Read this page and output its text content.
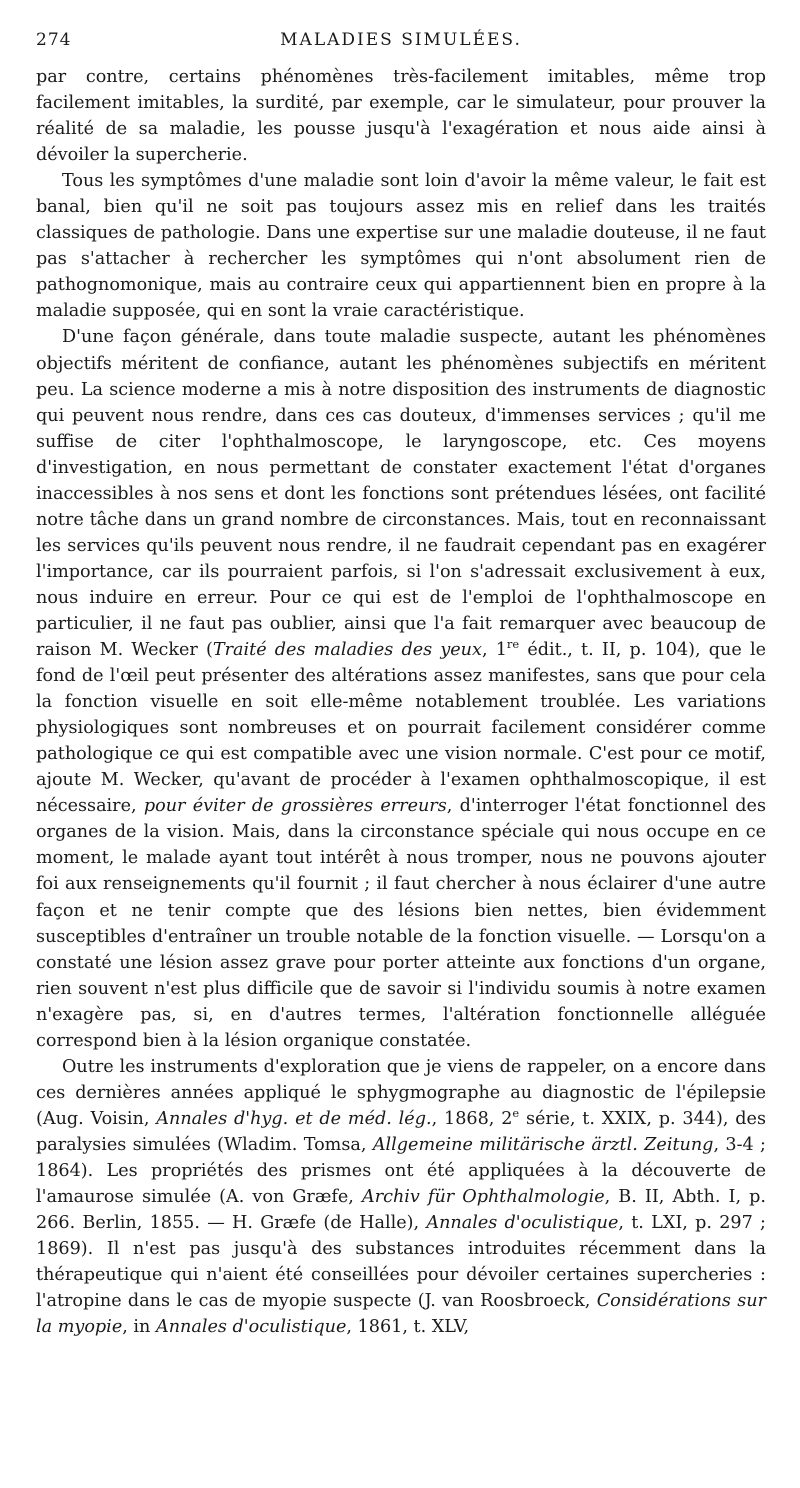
274	MALADIES SIMULÉES.

par contre, certains phénomènes très-facilement imitables, même trop facilement imitables, la surdité, par exemple, car le simulateur, pour prouver la réalité de sa maladie, les pousse jusqu'à l'exagération et nous aide ainsi à dévoiler la supercherie.

Tous les symptômes d'une maladie sont loin d'avoir la même valeur, le fait est banal, bien qu'il ne soit pas toujours assez mis en relief dans les traités classiques de pathologie. Dans une expertise sur une maladie douteuse, il ne faut pas s'attacher à rechercher les symptômes qui n'ont absolument rien de pathognomonique, mais au contraire ceux qui appartiennent bien en propre à la maladie supposée, qui en sont la vraie caractéristique.

D'une façon générale, dans toute maladie suspecte, autant les phénomènes objectifs méritent de confiance, autant les phénomènes subjectifs en méritent peu. La science moderne a mis à notre disposition des instruments de diagnostic qui peuvent nous rendre, dans ces cas douteux, d'immenses services ; qu'il me suffise de citer l'ophthalmoscope, le laryngoscope, etc. Ces moyens d'investigation, en nous permettant de constater exactement l'état d'organes inaccessibles à nos sens et dont les fonctions sont prétendues lésées, ont facilité notre tâche dans un grand nombre de circonstances. Mais, tout en reconnaissant les services qu'ils peuvent nous rendre, il ne faudrait cependant pas en exagérer l'importance, car ils pourraient parfois, si l'on s'adressait exclusivement à eux, nous induire en erreur. Pour ce qui est de l'emploi de l'ophthalmoscope en particulier, il ne faut pas oublier, ainsi que l'a fait remarquer avec beaucoup de raison M. Wecker (Traité des maladies des yeux, 1re édit., t. II, p. 104), que le fond de l'œil peut présenter des altérations assez manifestes, sans que pour cela la fonction visuelle en soit elle-même notablement troublée. Les variations physiologiques sont nombreuses et on pourrait facilement considérer comme pathologique ce qui est compatible avec une vision normale. C'est pour ce motif, ajoute M. Wecker, qu'avant de procéder à l'examen ophthalmoscopique, il est nécessaire, pour éviter de grossières erreurs, d'interroger l'état fonctionnel des organes de la vision. Mais, dans la circonstance spéciale qui nous occupe en ce moment, le malade ayant tout intérêt à nous tromper, nous ne pouvons ajouter foi aux renseignements qu'il fournit ; il faut chercher à nous éclairer d'une autre façon et ne tenir compte que des lésions bien nettes, bien évidemment susceptibles d'entraîner un trouble notable de la fonction visuelle. — Lorsqu'on a constaté une lésion assez grave pour porter atteinte aux fonctions d'un organe, rien souvent n'est plus difficile que de savoir si l'individu soumis à notre examen n'exagère pas, si, en d'autres termes, l'altération fonctionnelle alléguée correspond bien à la lésion organique constatée.

Outre les instruments d'exploration que je viens de rappeler, on a encore dans ces dernières années appliqué le sphygmographe au diagnostic de l'épilepsie (Aug. Voisin, Annales d'hyg. et de méd. lég., 1868, 2e série, t. XXIX, p. 344), des paralysies simulées (Wladim. Tomsa, Allgemeine militärische ärztl. Zeitung, 3-4 ; 1864). Les propriétés des prismes ont été appliquées à la découverte de l'amaurose simulée (A. von Græfe, Archiv für Ophthalmologie, B. II, Abth. I, p. 266. Berlin, 1855. — H. Græfe (de Halle), Annales d'oculistique, t. LXI, p. 297 ; 1869). Il n'est pas jusqu'à des substances introduites récemment dans la thérapeutique qui n'aient été conseillées pour dévoiler certaines supercheries : l'atropine dans le cas de myopie suspecte (J. van Roosbroeck, Considérations sur la myopie, in Annales d'oculistique, 1861, t. XLV,
